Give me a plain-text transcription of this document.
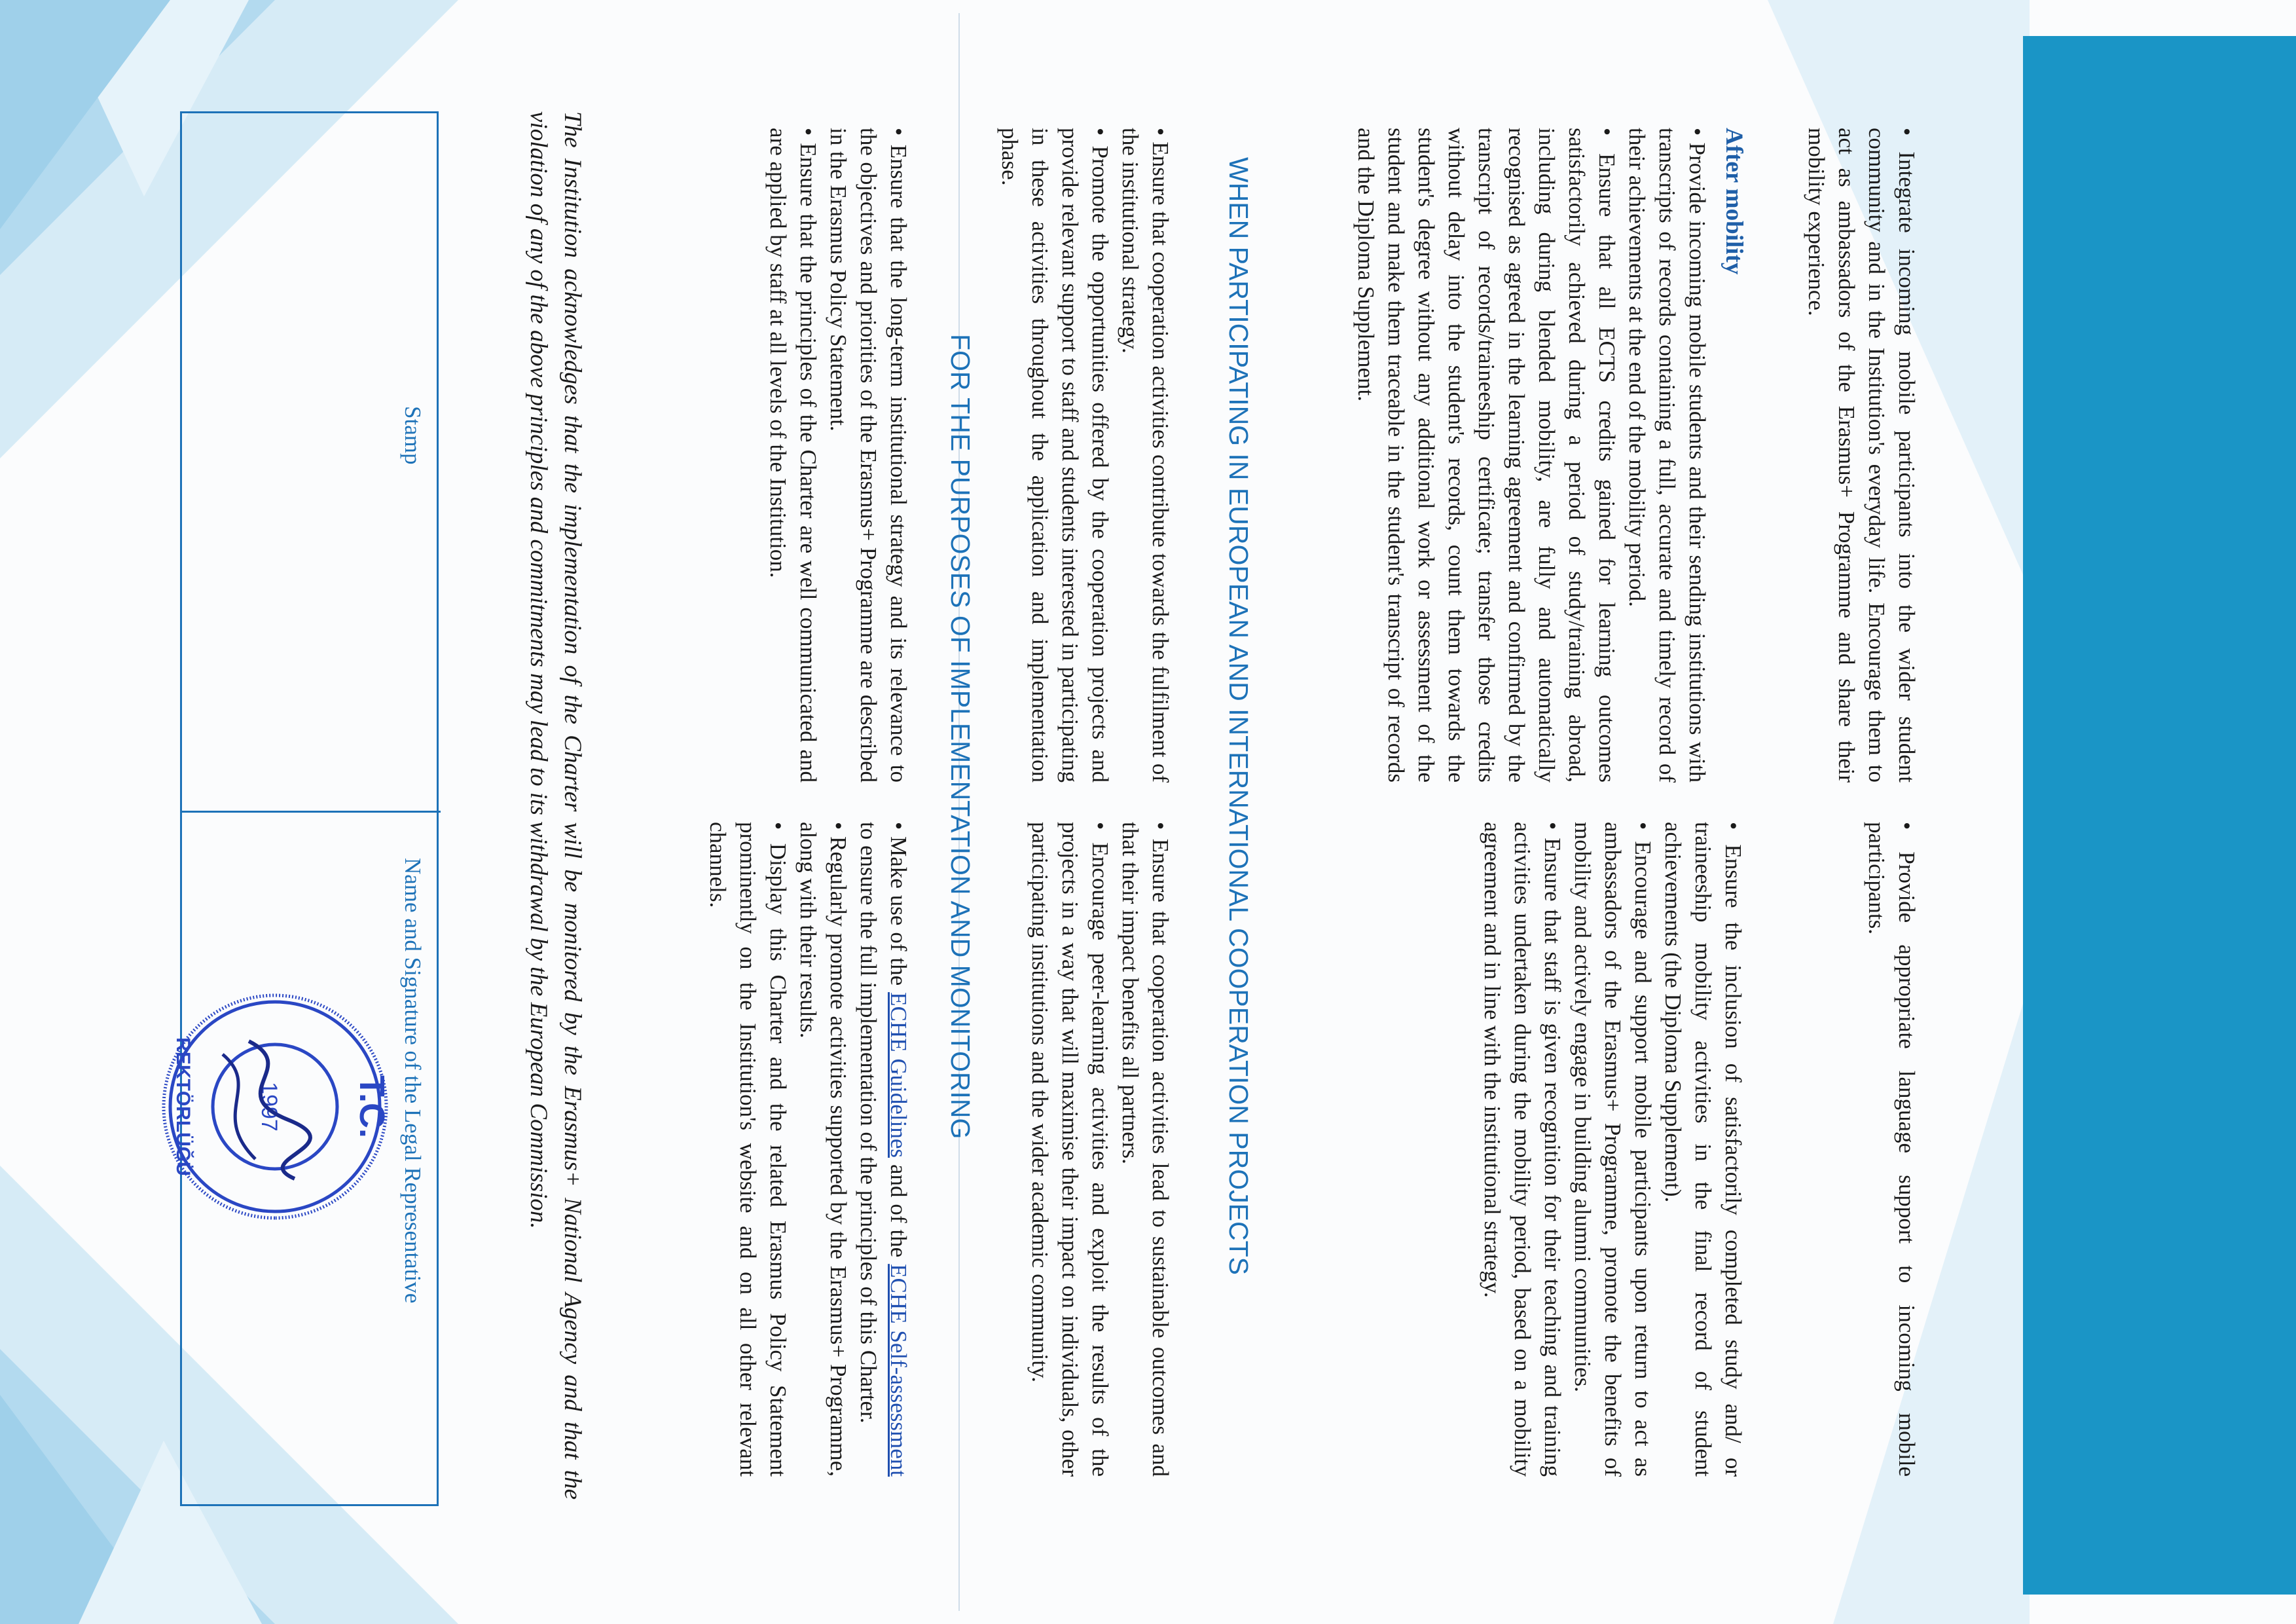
• Integrate incoming mobile participants into the wider student community and in the Institution's everyday life. Encourage them to act as ambassadors of the Erasmus+ Programme and share their mobility experience.

• Provide appropriate language support to incoming mobile participants.

After mobility

• Provide incoming mobile students and their sending institutions with transcripts of records containing a full, accurate and timely record of their achievements at the end of the mobility period.

• Ensure that all ECTS credits gained for learning outcomes satisfactorily achieved during a period of study/training abroad, including during blended mobility, are fully and automatically recognised as agreed in the learning agreement and confirmed by the transcript of records/traineeship certificate; transfer those credits without delay into the student's records, count them towards the student's degree without any additional work or assessment of the student and make them traceable in the student's transcript of records and the Diploma Supplement.

• Ensure the inclusion of satisfactorily completed study and/ or traineeship mobility activities in the final record of student achievements (the Diploma Supplement).

• Encourage and support mobile participants upon return to act as ambassadors of the Erasmus+ Programme, promote the benefits of mobility and actively engage in building alumni communities.

• Ensure that staff is given recognition for their teaching and training activities undertaken during the mobility period, based on a mobility agreement and in line with the institutional strategy.

WHEN PARTICIPATING IN EUROPEAN AND INTERNATIONAL COOPERATION PROJECTS

• Ensure that cooperation activities contribute towards the fulfilment of the institutional strategy.

• Promote the opportunities offered by the cooperation projects and provide relevant support to staff and students interested in participating in these activities throughout the application and implementation phase.

• Ensure that cooperation activities lead to sustainable outcomes and that their impact benefits all partners.

• Encourage peer-learning activities and exploit the results of the projects in a way that will maximise their impact on individuals, other participating institutions and the wider academic community.

FOR THE PURPOSES OF IMPLEMENTATION AND MONITORING

• Ensure that the long-term institutional strategy and its relevance to the objectives and priorities of the Erasmus+ Programme are described in the Erasmus Policy Statement.

• Ensure that the principles of the Charter are well communicated and are applied by staff at all levels of the Institution.

• Make use of the ECHE Guidelines and of the ECHE Self-assessment to ensure the full implementation of the principles of this Charter.

• Regularly promote activities supported by the Erasmus+ Programme, along with their results.

• Display this Charter and the related Erasmus Policy Statement prominently on the Institution's website and on all other relevant channels.

The Institution acknowledges that the implementation of the Charter will be monitored by the Erasmus+ National Agency and that the violation of any of the above principles and commitments may lead to its withdrawal by the European Commission.
Stamp
Name and Signature of the Legal Representative
T.C.
1997
REKTÖRLÜĞÜ
